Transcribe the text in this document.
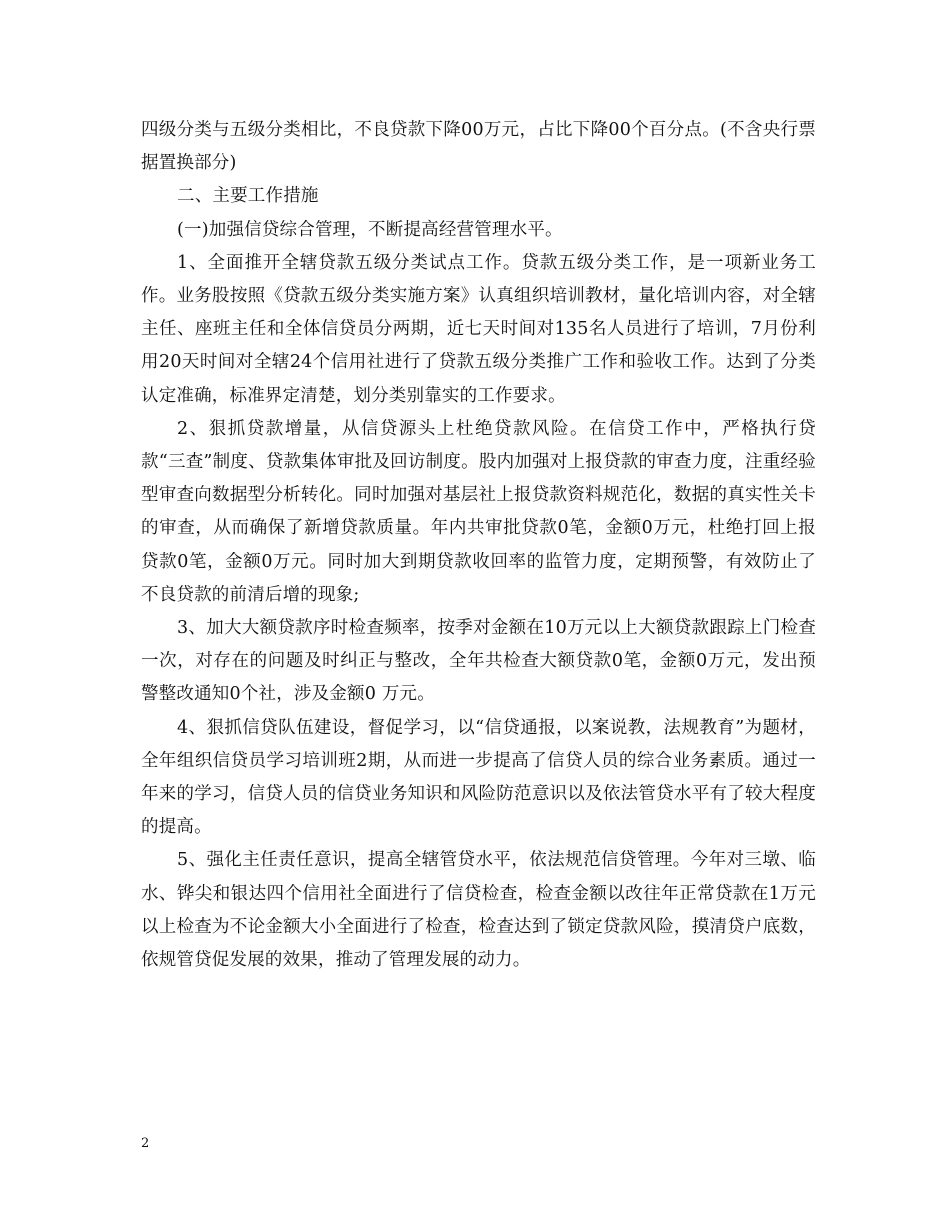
四级分类与五级分类相比，不良贷款下降00万元，占比下降00个百分点。(不含央行票据置换部分)

二、主要工作措施

(一)加强信贷综合管理，不断提高经营管理水平。

1、全面推开全辖贷款五级分类试点工作。贷款五级分类工作，是一项新业务工作。业务股按照《贷款五级分类实施方案》认真组织培训教材，量化培训内容，对全辖主任、座班主任和全体信贷员分两期，近七天时间对135名人员进行了培训，7月份利用20天时间对全辖24个信用社进行了贷款五级分类推广工作和验收工作。达到了分类认定准确，标准界定清楚，划分类别靠实的工作要求。

2、狠抓贷款增量，从信贷源头上杜绝贷款风险。在信贷工作中，严格执行贷款“三查”制度、贷款集体审批及回访制度。股内加强对上报贷款的审查力度，注重经验型审查向数据型分析转化。同时加强对基层社上报贷款资料规范化，数据的真实性关卡的审查，从而确保了新增贷款质量。年内共审批贷款0笔，金额0万元，杜绝打回上报贷款0笔，金额0万元。同时加大到期贷款收回率的监管力度，定期预警，有效防止了不良贷款的前清后增的现象;

3、加大大额贷款序时检查频率，按季对金额在10万元以上大额贷款跟踪上门检查一次，对存在的问题及时纠正与整改，全年共检查大额贷款0笔，金额0万元，发出预警整改通知0个社，涉及金额0 万元。

4、狠抓信贷队伍建设，督促学习，以“信贷通报，以案说教，法规教育”为题材，全年组织信贷员学习培训班2期，从而进一步提高了信贷人员的综合业务素质。通过一年来的学习，信贷人员的信贷业务知识和风险防范意识以及依法管贷水平有了较大程度的提高。

5、强化主任责任意识，提高全辖管贷水平，依法规范信贷管理。今年对三墩、临水、铧尖和银达四个信用社全面进行了信贷检查，检查金额以改往年正常贷款在1万元以上检查为不论金额大小全面进行了检查，检查达到了锁定贷款风险，摸清贷户底数，依规管贷促发展的效果，推动了管理发展的动力。

2
